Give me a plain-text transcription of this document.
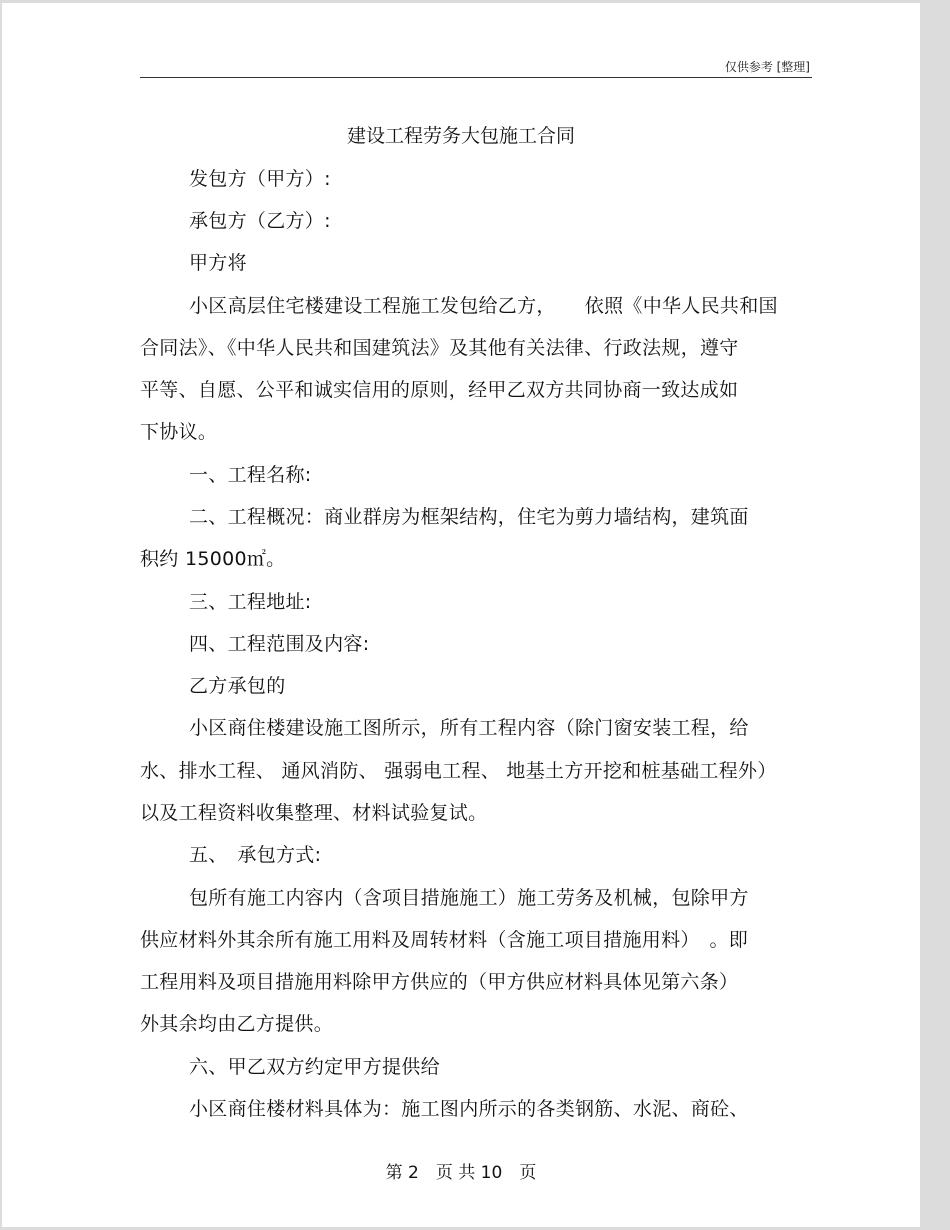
仅供参考 [整理]
建设工程劳务大包施工合同
发包方（甲方）:
承包方（乙方）:
甲方将
小区高层住宅楼建设工程施工发包给乙方，　　依照《中华人民共和国
合同法》、《中华人民共和国建筑法》及其他有关法律、行政法规，遵守
平等、自愿、公平和诚实信用的原则，经甲乙双方共同协商一致达成如
下协议。
一、工程名称:
二、工程概况：商业群房为框架结构，住宅为剪力墙结构，建筑面
积约 15000㎡。
三、工程地址:
四、工程范围及内容:
乙方承包的
小区商住楼建设施工图所示，所有工程内容（除门窗安装工程，给
水、排水工程、 通风消防、 强弱电工程、 地基土方开挖和桩基础工程外）
以及工程资料收集整理、材料试验复试。
五、　承包方式:
包所有施工内容内（含项目措施施工）施工劳务及机械，包除甲方
供应材料外其余所有施工用料及周转材料（含施工项目措施用料）　。即
工程用料及项目措施用料除甲方供应的（甲方供应材料具体见第六条）
外其余均由乙方提供。
六、甲乙双方约定甲方提供给
小区商住楼材料具体为：施工图内所示的各类钢筋、水泥、商砼、
第 2　页 共 10　页
